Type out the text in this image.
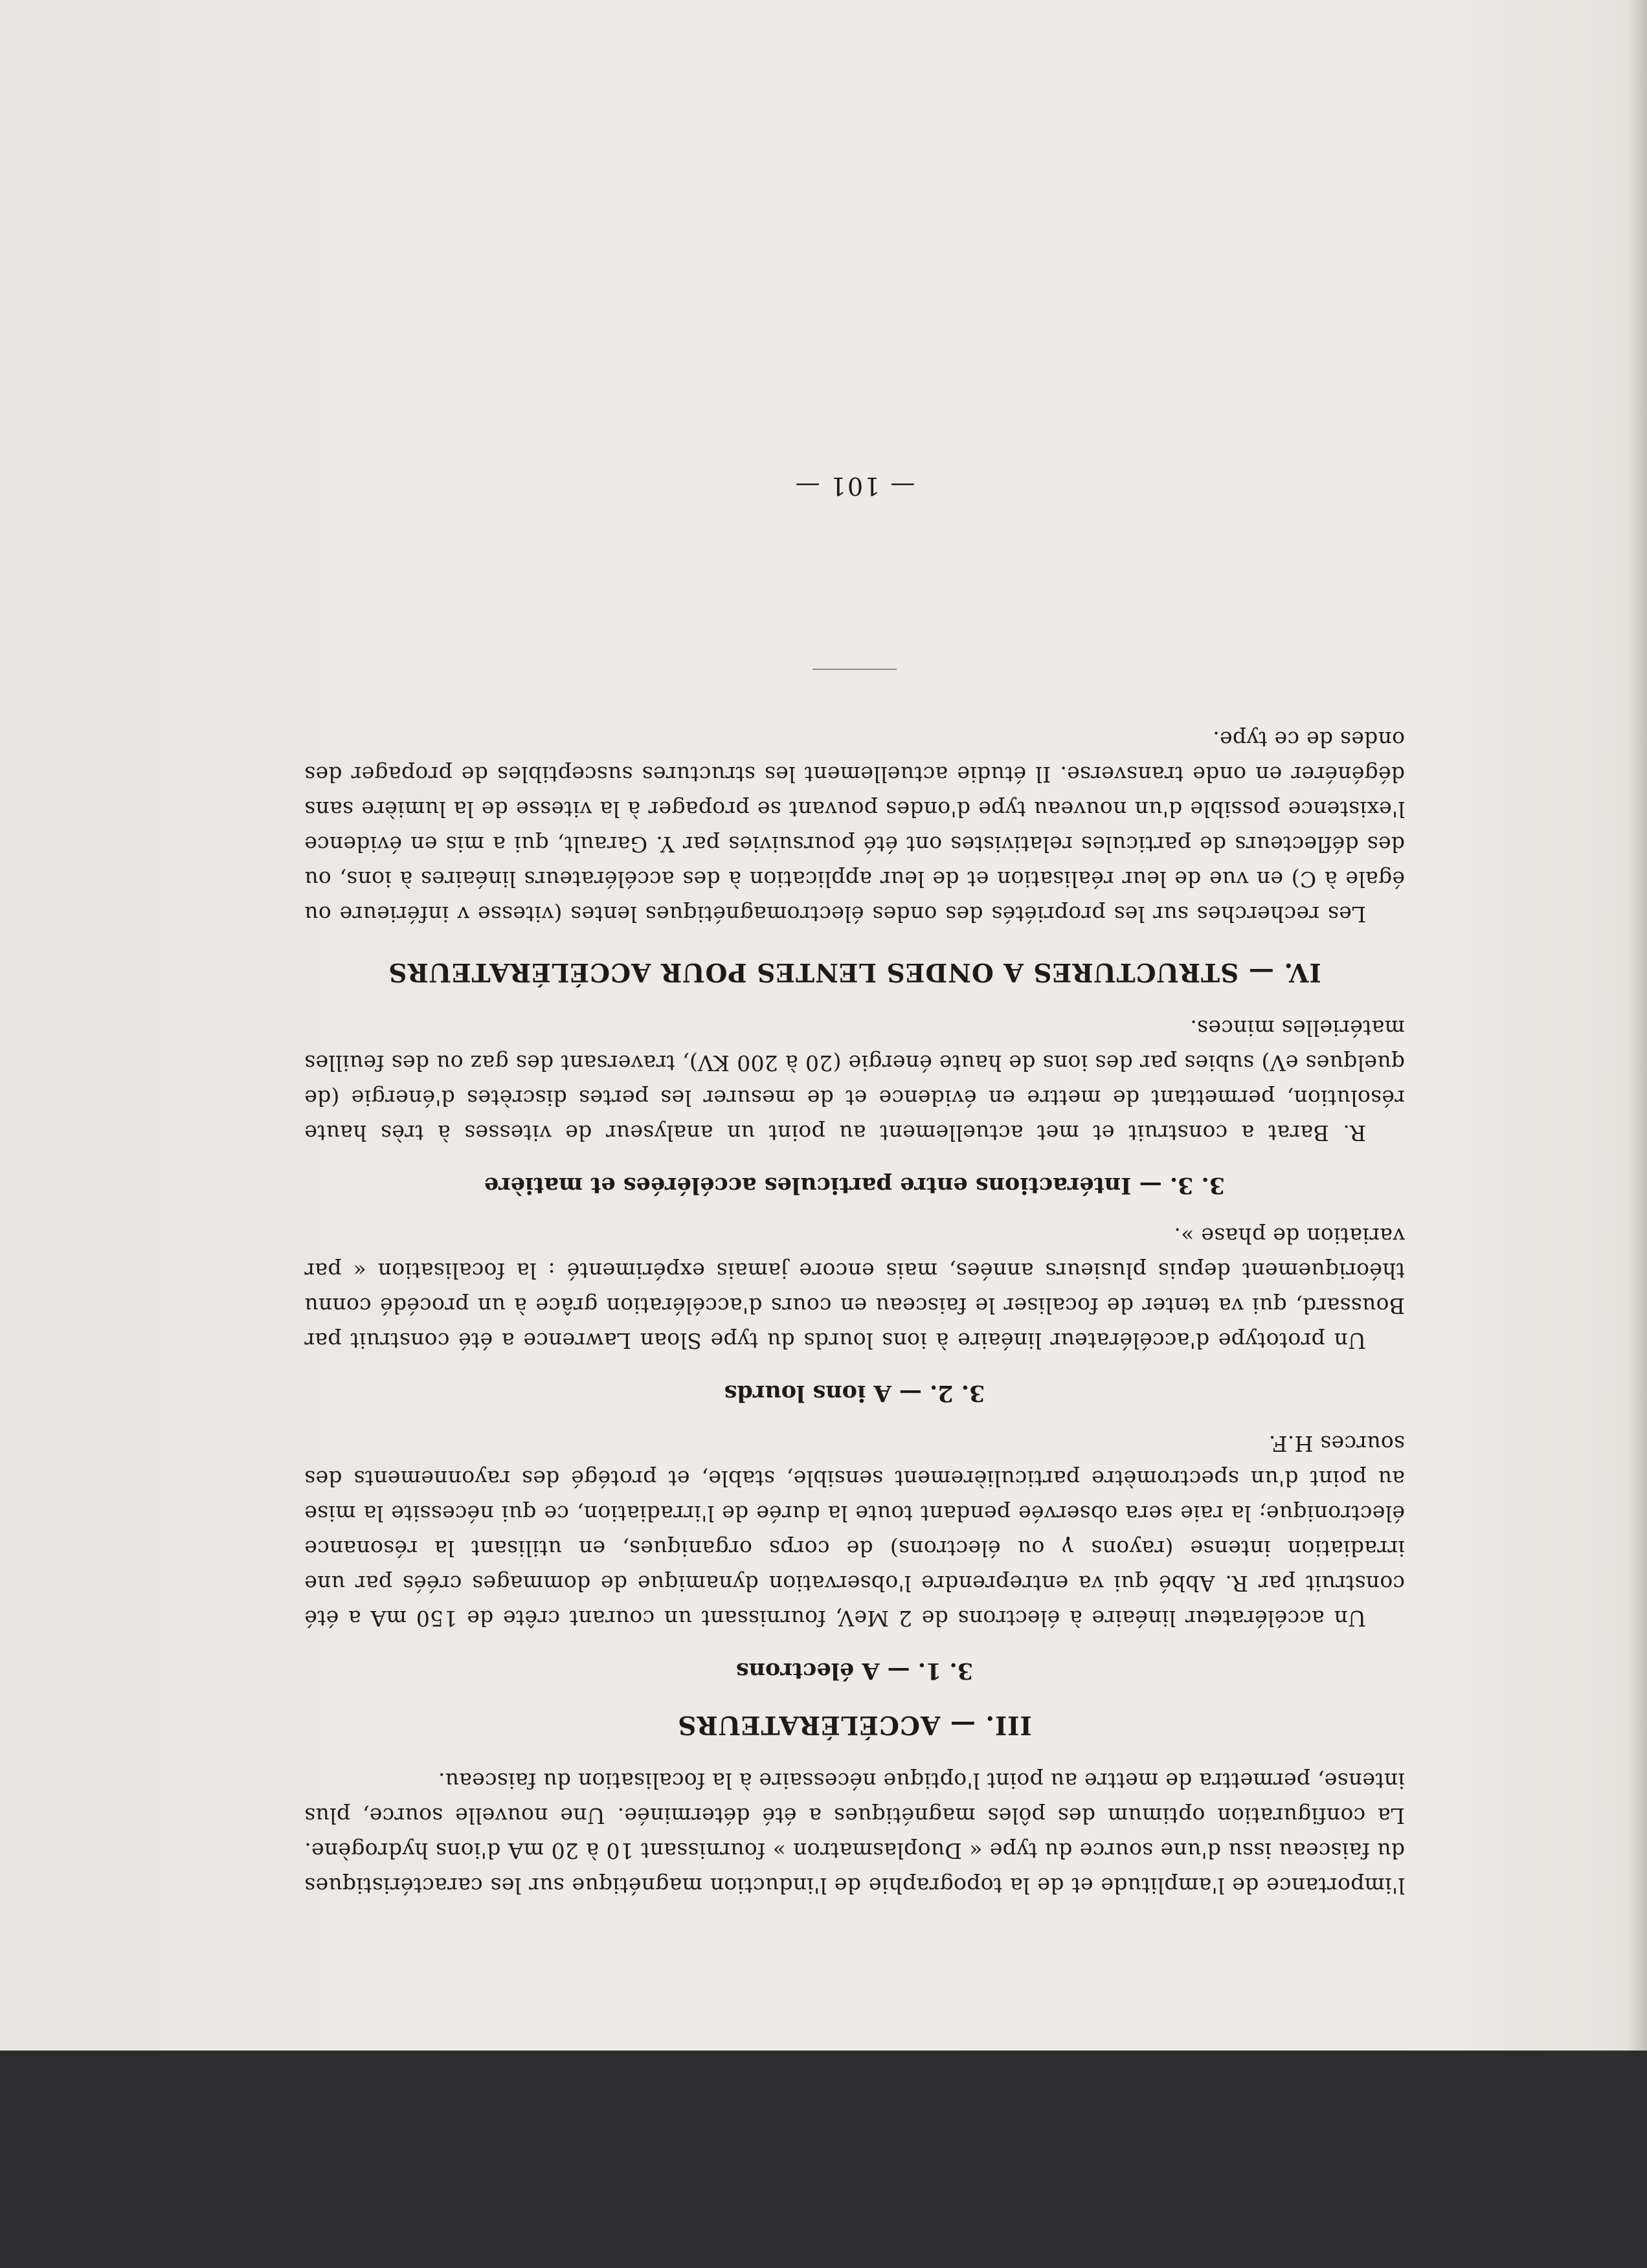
l'importance de l'amplitude et de la topographie de l'induction magnétique sur les caractéristiques du faisceau issu d'une source du type « Duoplasmatron » fournissant 10 à 20 mA d'ions hydrogène. La configuration optimum des pôles magnétiques a été déterminée. Une nouvelle source, plus intense, permettra de mettre au point l'optique nécessaire à la focalisation du faisceau.

III. — ACCÉLÉRATEURS
3. 1. — A électrons

Un accélérateur linéaire à électrons de 2 MeV, fournissant un courant crête de 150 mA a été construit par R. Abbé qui va entreprendre l'observation dynamique de dommages créés par une irradiation intense (rayons γ ou électrons) de corps organiques, en utilisant la résonance électronique; la raie sera observée pendant toute la durée de l'irradiation, ce qui nécessite la mise au point d'un spectromètre particulièrement sensible, stable, et protégé des rayonnements des sources H.F.

3. 2. — A ions lourds

Un prototype d'accélérateur linéaire à ions lourds du type Sloan Lawrence a été construit par Boussard, qui va tenter de focaliser le faisceau en cours d'accélération grâce à un procédé connu théoriquement depuis plusieurs années, mais encore jamais expérimenté : la focalisation « par variation de phase ».

3. 3. — Intéractions entre particules accélérées et matière

R. Barat a construit et met actuellement au point un analyseur de vitesses à très haute résolution, permettant de mettre en évidence et de mesurer les pertes discrètes d'énergie (de quelques eV) subies par des ions de haute énergie (20 à 200 KV), traversant des gaz ou des feuilles matérielles minces.

IV. — STRUCTURES A ONDES LENTES POUR ACCÉLÉRATEURS

Les recherches sur les propriétés des ondes électromagnétiques lentes (vitesse v inférieure ou égale à C) en vue de leur réalisation et de leur application à des accélérateurs linéaires à ions, ou des déflecteurs de particules relativistes ont été poursuivies par Y. Garault, qui a mis en évidence l'existence possible d'un nouveau type d'ondes pouvant se propager à la vitesse de la lumière sans dégénérer en onde transverse. Il étudie actuellement les structures susceptibles de propager des ondes de ce type.

— 101 —
